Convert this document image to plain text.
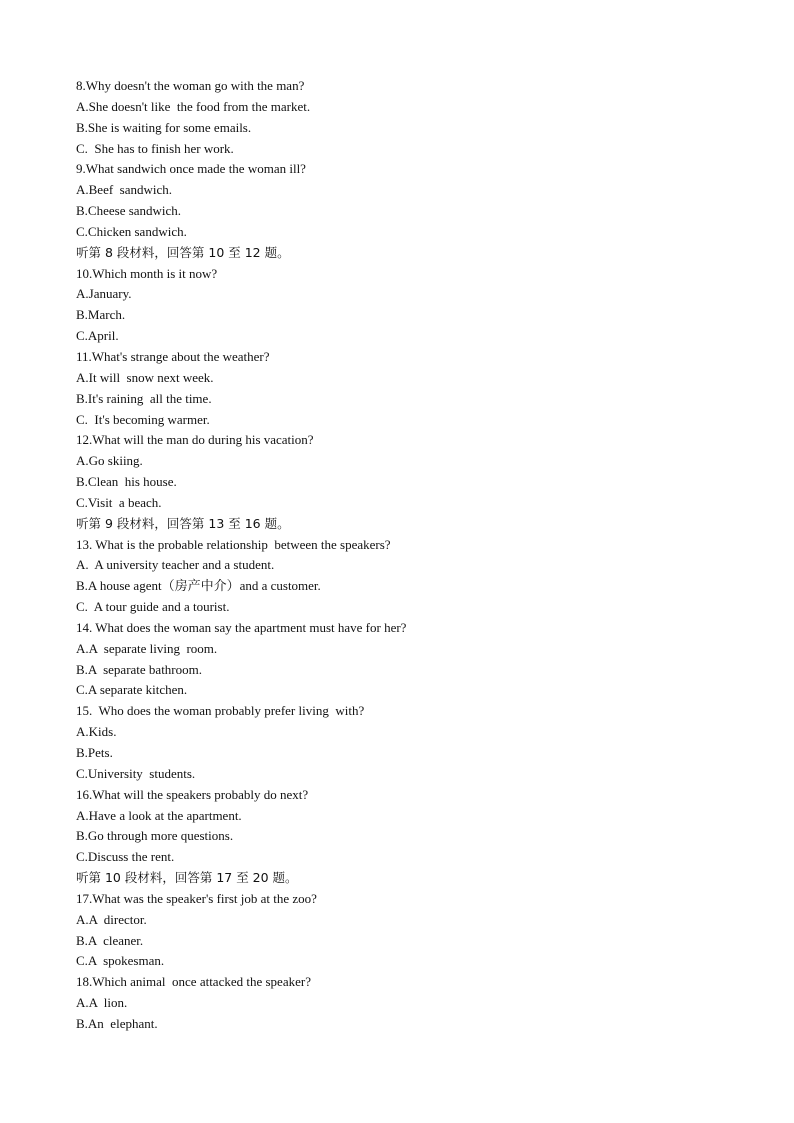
8.Why doesn't the woman go with the man?
A.She doesn't like  the food from the market.
B.She is waiting for some emails.
C.  She has to finish her work.
9.What sandwich once made the woman ill?
A.Beef  sandwich.
B.Cheese sandwich.
C.Chicken sandwich.
听第 8 段材料，回答第 10 至 12 题。
10.Which month is it now?
A.January.
B.March.
C.April.
11.What's strange about the weather?
A.It will  snow next week.
B.It's raining  all the time.
C.  It's becoming warmer.
12.What will the man do during his vacation?
A.Go skiing.
B.Clean  his house.
C.Visit  a beach.
听第 9 段材料，回答第 13 至 16 题。
13. What is the probable relationship  between the speakers?
A.  A university teacher and a student.
B.A house agent（房产中介）and a customer.
C.  A tour guide and a tourist.
14. What does the woman say the apartment must have for her?
A.A  separate living  room.
B.A  separate bathroom.
C.A separate kitchen.
15.  Who does the woman probably prefer living  with?
A.Kids.
B.Pets.
C.University  students.
16.What will the speakers probably do next?
A.Have a look at the apartment.
B.Go through more questions.
C.Discuss the rent.
听第 10 段材料，回答第 17 至 20 题。
17.What was the speaker's first job at the zoo?
A.A  director.
B.A  cleaner.
C.A  spokesman.
18.Which animal  once attacked the speaker?
A.A  lion.
B.An  elephant.
